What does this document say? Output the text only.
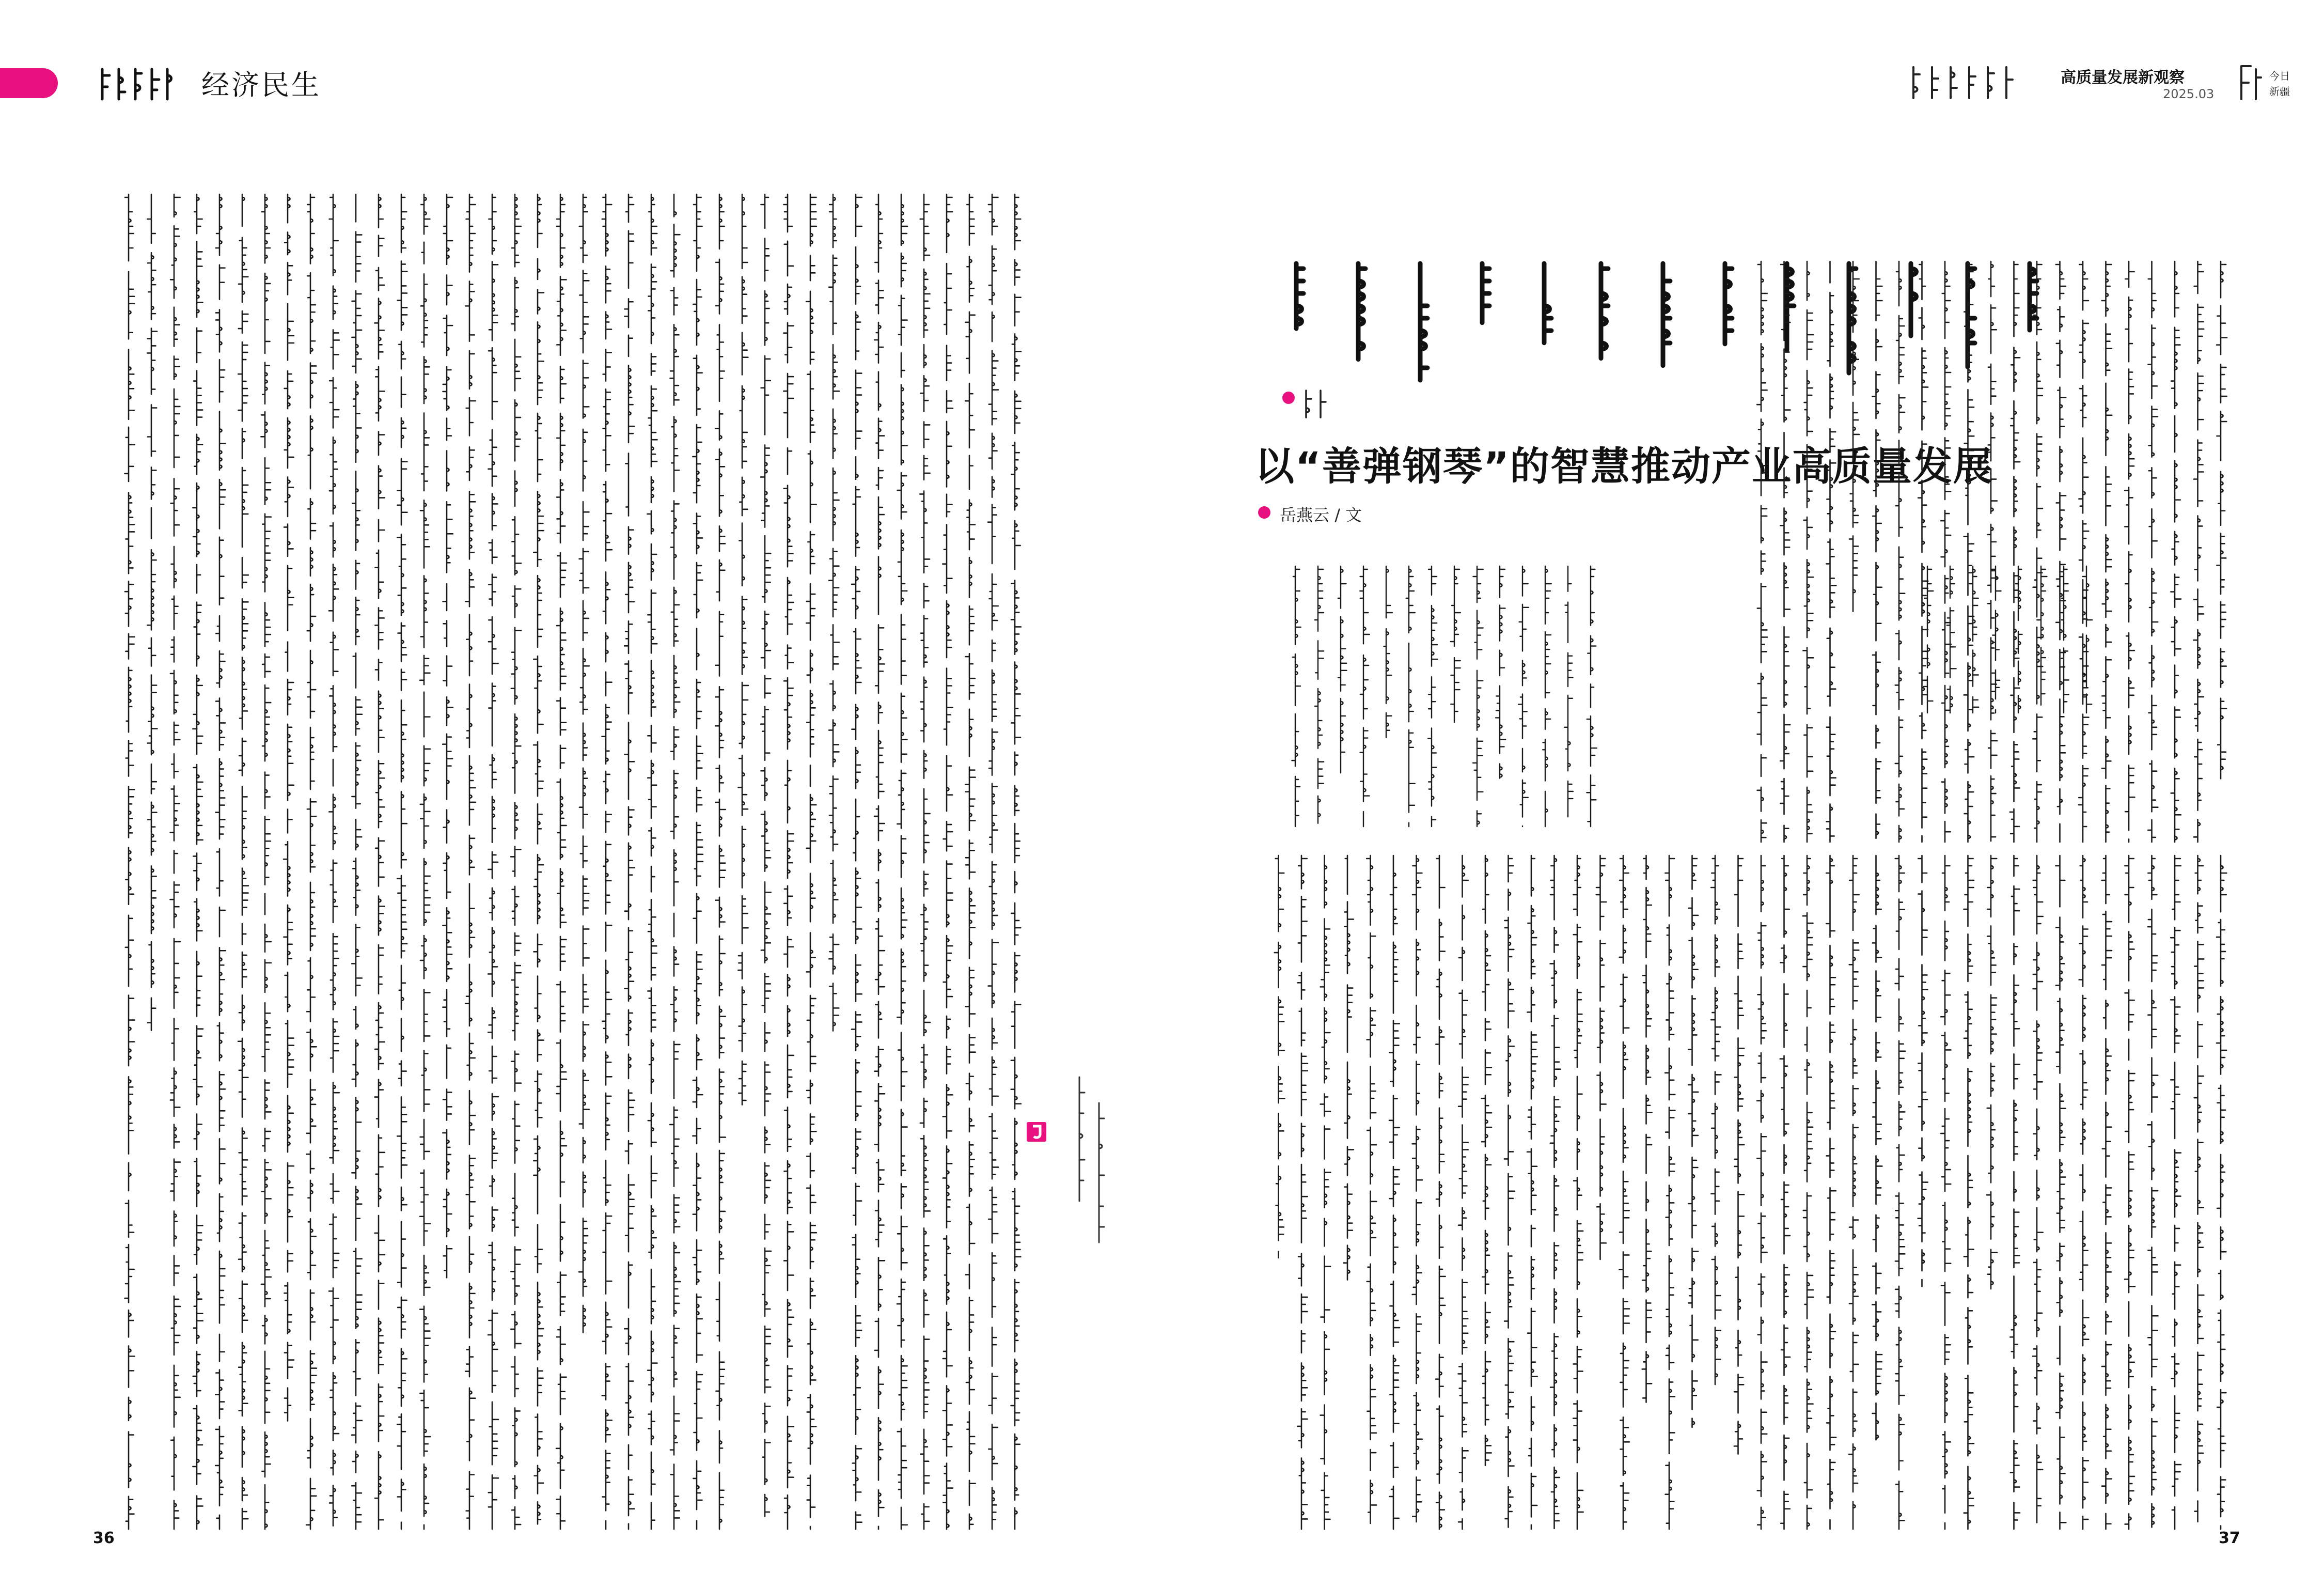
经济民生	高质量发展新观察
2025.03
今日
新疆
以“善弹钢琴”的智慧推动产业高质量发展
岳燕云 / 文
36	37
